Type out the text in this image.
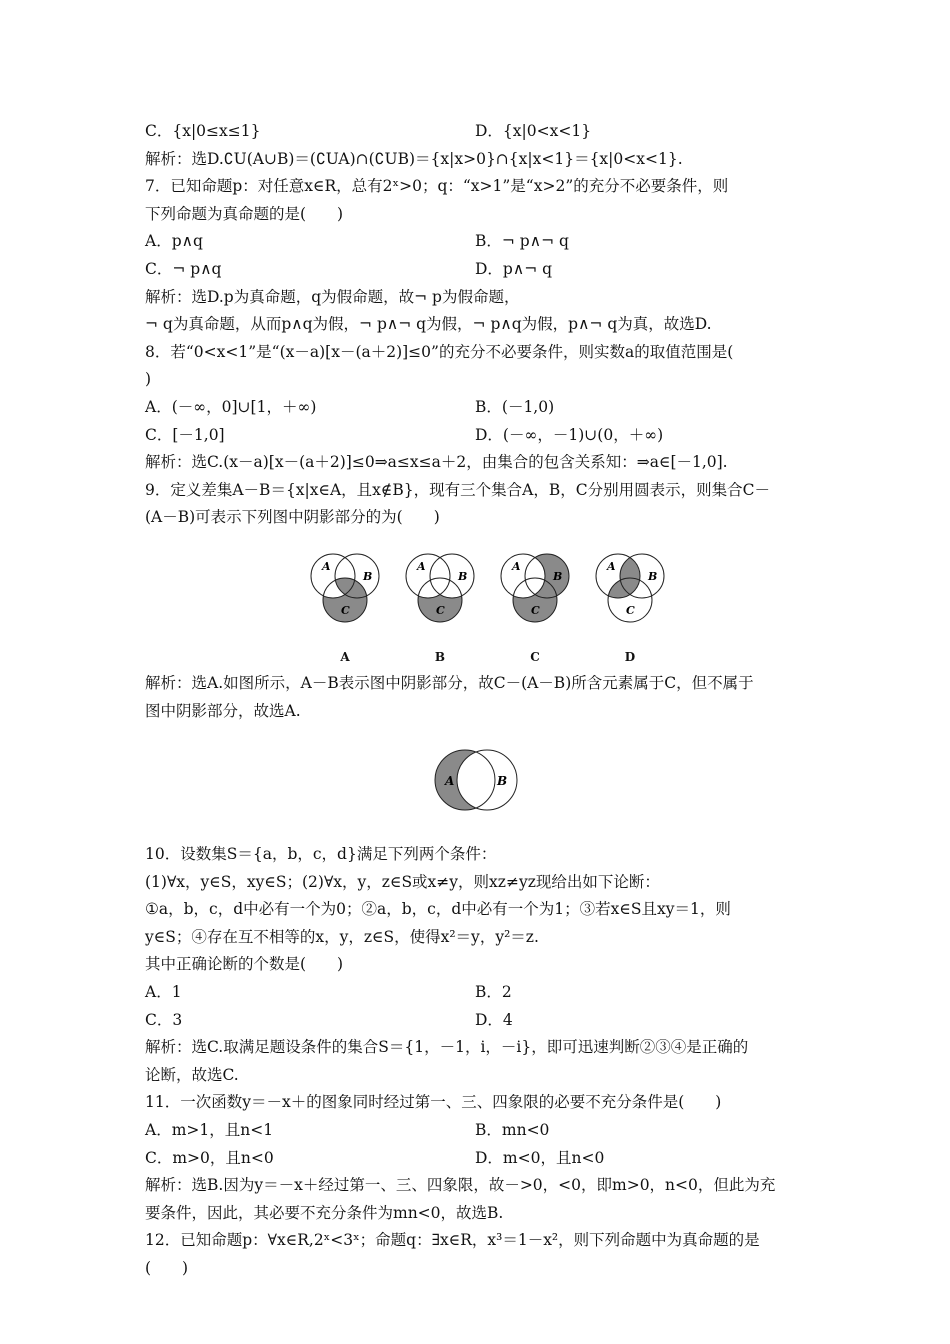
C．{x|0≤x≤1}	D．{x|0<x<1}
解析：选D.∁U(A∪B)＝(∁UA)∩(∁UB)＝{x|x>0}∩{x|x<1}＝{x|0<x<1}.
7．已知命题p：对任意x∈R，总有2ˣ>0；q：“x>1”是“x>2”的充分不必要条件，则
下列命题为真命题的是(　　)
A．p∧q	B．¬ p∧¬ q
C．¬ p∧q	D．p∧¬ q
解析：选D.p为真命题，q为假命题，故¬ p为假命题，
¬ q为真命题，从而p∧q为假，¬ p∧¬ q为假，¬ p∧q为假，p∧¬ q为真，故选D.
8．若“0<x<1”是“(x－a)[x－(a＋2)]≤0”的充分不必要条件，则实数a的取值范围是(
)
A．(－∞，0]∪[1，＋∞)	B．(－1,0)
C．[－1,0]	D．(－∞，－1)∪(0，＋∞)
解析：选C.(x－a)[x－(a＋2)]≤0⇒a≤x≤a＋2，由集合的包含关系知：⇒a∈[－1,0].
9．定义差集A－B＝{x|x∈A，且x∉B}，现有三个集合A，B，C分别用圆表示，则集合C－
(A－B)可表示下列图中阴影部分的为(　　)
A
B
C
A
A
B
C
B
A
B
C
C
A
B
C
D
解析：选A.如图所示，A－B表示图中阴影部分，故C－(A－B)所含元素属于C，但不属于
图中阴影部分，故选A.
A	B
10．设数集S＝{a，b，c，d}满足下列两个条件：
(1)∀x，y∈S，xy∈S；(2)∀x，y，z∈S或x≠y，则xz≠yz现给出如下论断：
①a，b，c，d中必有一个为0；②a，b，c，d中必有一个为1；③若x∈S且xy＝1，则
y∈S；④存在互不相等的x，y，z∈S，使得x²＝y，y²＝z.
其中正确论断的个数是(　　)
A．1	B．2
C．3	D．4
解析：选C.取满足题设条件的集合S＝{1，－1，i，－i}，即可迅速判断②③④是正确的
论断，故选C.
11．一次函数y＝－x＋的图象同时经过第一、三、四象限的必要不充分条件是(　　)
A．m>1，且n<1	B．mn<0
C．m>0，且n<0	D．m<0，且n<0
解析：选B.因为y＝－x＋经过第一、三、四象限，故－>0，<0，即m>0，n<0，但此为充
要条件，因此，其必要不充分条件为mn<0，故选B.
12．已知命题p：∀x∈R,2ˣ<3ˣ；命题q：∃x∈R，x³＝1－x²，则下列命题中为真命题的是
(　　)
